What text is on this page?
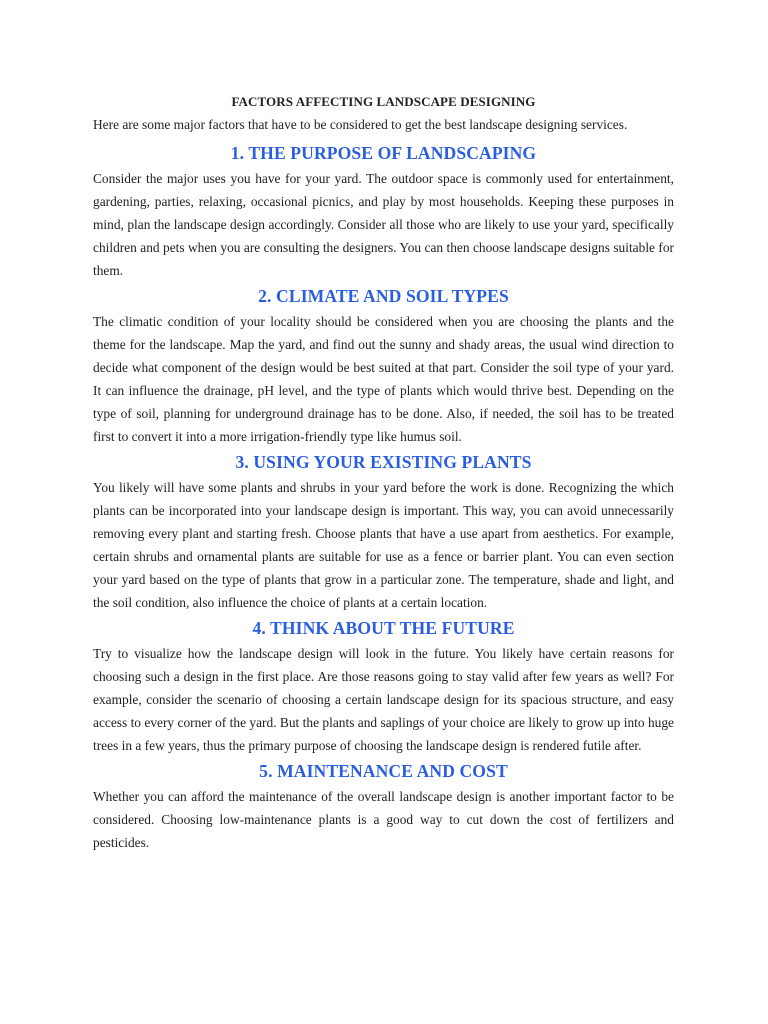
FACTORS AFFECTING LANDSCAPE DESIGNING

Here are some major factors that have to be considered to get the best landscape designing services.

1. THE PURPOSE OF LANDSCAPING

Consider the major uses you have for your yard. The outdoor space is commonly used for entertainment, gardening, parties, relaxing, occasional picnics, and play by most households. Keeping these purposes in mind, plan the landscape design accordingly. Consider all those who are likely to use your yard, specifically children and pets when you are consulting the designers. You can then choose landscape designs suitable for them.

2. CLIMATE AND SOIL TYPES

The climatic condition of your locality should be considered when you are choosing the plants and the theme for the landscape. Map the yard, and find out the sunny and shady areas, the usual wind direction to decide what component of the design would be best suited at that part. Consider the soil type of your yard. It can influence the drainage, pH level, and the type of plants which would thrive best. Depending on the type of soil, planning for underground drainage has to be done. Also, if needed, the soil has to be treated first to convert it into a more irrigation-friendly type like humus soil.

3. USING YOUR EXISTING PLANTS

You likely will have some plants and shrubs in your yard before the work is done. Recognizing the which plants can be incorporated into your landscape design is important. This way, you can avoid unnecessarily removing every plant and starting fresh. Choose plants that have a use apart from aesthetics. For example, certain shrubs and ornamental plants are suitable for use as a fence or barrier plant. You can even section your yard based on the type of plants that grow in a particular zone. The temperature, shade and light, and the soil condition, also influence the choice of plants at a certain location.

4. THINK ABOUT THE FUTURE

Try to visualize how the landscape design will look in the future. You likely have certain reasons for choosing such a design in the first place. Are those reasons going to stay valid after few years as well? For example, consider the scenario of choosing a certain landscape design for its spacious structure, and easy access to every corner of the yard. But the plants and saplings of your choice are likely to grow up into huge trees in a few years, thus the primary purpose of choosing the landscape design is rendered futile after.

5. MAINTENANCE AND COST

Whether you can afford the maintenance of the overall landscape design is another important factor to be considered. Choosing low-maintenance plants is a good way to cut down the cost of fertilizers and pesticides.
